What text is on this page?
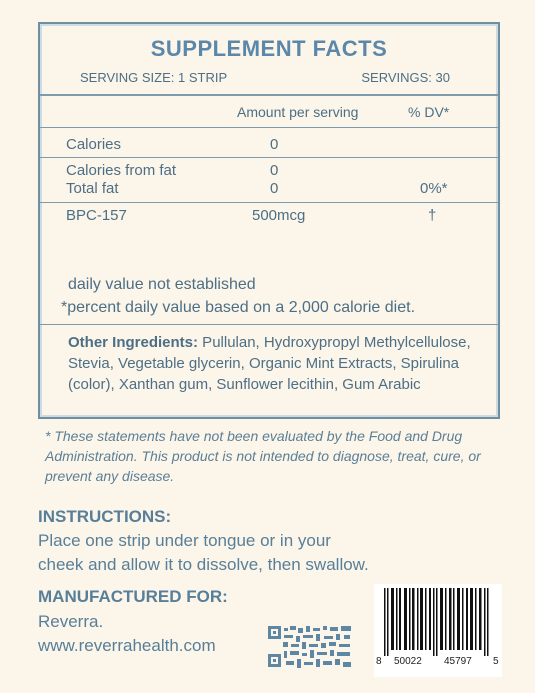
SUPPLEMENT FACTS
SERVING SIZE: 1 STRIP	SERVINGS: 30
Amount per serving	% DV*
Calories	0
Calories from fat	0
Total fat	0	0%*
BPC-157	500mcg	†
daily value not established
*percent daily value based on a 2,000 calorie diet.
Other Ingredients: Pullulan, Hydroxypropyl Methylcellulose, Stevia, Vegetable glycerin, Organic Mint Extracts, Spirulina (color), Xanthan gum, Sunflower lecithin, Gum Arabic
* These statements have not been evaluated by the Food and Drug Administration. This product is not intended to diagnose, treat, cure, or prevent any disease.
INSTRUCTIONS:
Place one strip under tongue or in your
cheek and allow it to dissolve, then swallow.
MANUFACTURED FOR:
Reverra.
www.reverrahealth.com
8 50022 45797 5
